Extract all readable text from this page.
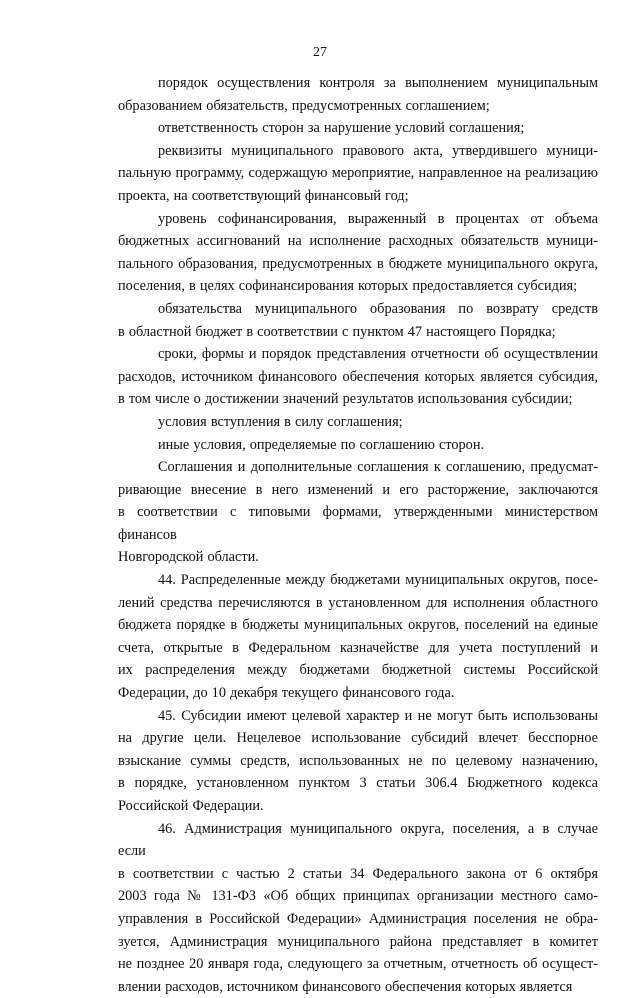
27
порядок осуществления контроля за выполнением муниципальным
образованием обязательств, предусмотренных соглашением;
ответственность сторон за нарушение условий соглашения;
реквизиты муниципального правового акта, утвердившего муници-
пальную программу, содержащую мероприятие, направленное на реализацию
проекта, на соответствующий финансовый год;
уровень софинансирования, выраженный в процентах от объема
бюджетных ассигнований на исполнение расходных обязательств муници-
пального образования, предусмотренных в бюджете муниципального округа,
поселения, в целях софинансирования которых предоставляется субсидия;
обязательства муниципального образования по возврату средств
в областной бюджет в соответствии с пунктом 47 настоящего Порядка;
сроки, формы и порядок представления отчетности об осуществлении
расходов, источником финансового обеспечения которых является субсидия,
в том числе о достижении значений результатов использования субсидии;
условия вступления в силу соглашения;
иные условия, определяемые по соглашению сторон.
Соглашения и дополнительные соглашения к соглашению, предусмат-
ривающие внесение в него изменений и его расторжение, заключаются
в соответствии с типовыми формами, утвержденными министерством финансов
Новгородской области.
44. Распределенные между бюджетами муниципальных округов, посе-
лений средства перечисляются в установленном для исполнения областного
бюджета порядке в бюджеты муниципальных округов, поселений на единые
счета, открытые в Федеральном казначействе для учета поступлений и
их распределения между бюджетами бюджетной системы Российской
Федерации, до 10 декабря текущего финансового года.
45. Субсидии имеют целевой характер и не могут быть использованы
на другие цели. Нецелевое использование субсидий влечет бесспорное
взыскание суммы средств, использованных не по целевому назначению,
в порядке, установленном пунктом 3 статьи 306.4 Бюджетного кодекса
Российской Федерации.
46. Администрация муниципального округа, поселения, а в случае если
в соответствии с частью 2 статьи 34 Федерального закона от 6 октября
2003 года № 131-ФЗ «Об общих принципах организации местного само-
управления в Российской Федерации» Администрация поселения не обра-
зуется, Администрация муниципального района представляет в комитет
не позднее 20 января года, следующего за отчетным, отчетность об осущест-
влении расходов, источником финансового обеспечения которых является
